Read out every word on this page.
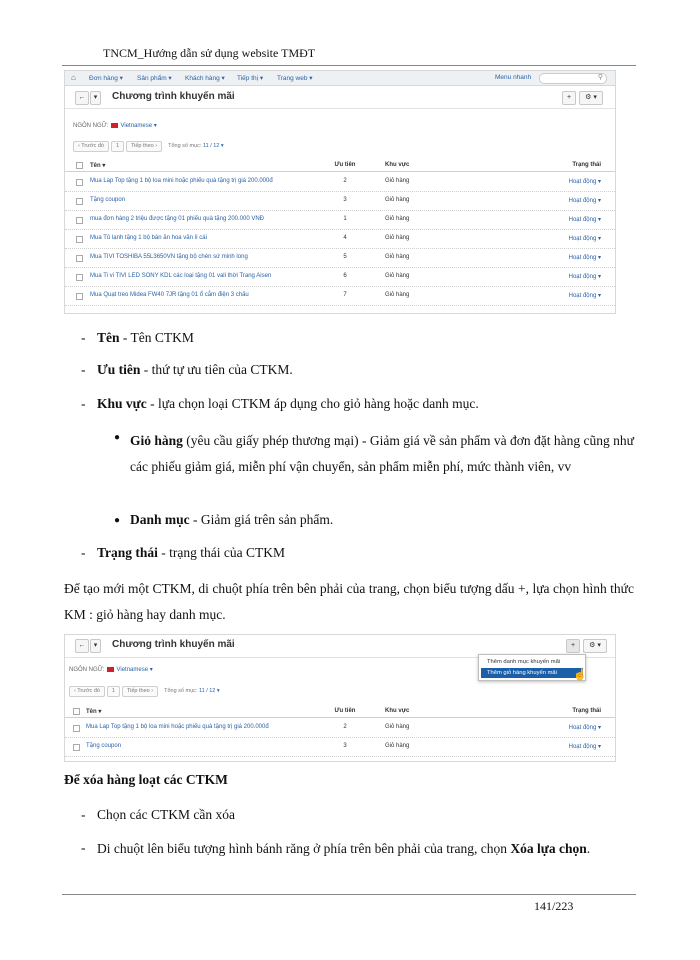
TNCM_Hướng dẫn sử dụng website TMĐT
⌂ Đơn hàng ▾ Sản phẩm ▾ Khách hàng ▾ Tiếp thị ▾ Trang web ▾	Menu nhanh	⚲
←	▾	Chương trình khuyến mãi	+	⚙ ▾
NGÔN NGỮ: Vietnamese ▾
‹ Trước đó 1 Tiếp theo › Tổng số mục: 11 / 12 ▾
Tên ▾	Ưu tiên	Khu vực	Trạng thái
Mua Lap Top tặng 1 bộ loa mini hoặc phiếu quà tặng trị giá 200.000đ	2	Giỏ hàng	Hoạt động ▾
Tặng coupon	3	Giỏ hàng	Hoạt động ▾
mua đơn hàng 2 triệu được tặng 01 phiếu quà tặng 200.000 VNĐ	1	Giỏ hàng	Hoạt động ▾
Mua Tủ lạnh tặng 1 bộ bàn ăn hoa văn lì cái	4	Giỏ hàng	Hoạt động ▾
Mua TIVI TOSHIBA 55L3650VN tặng bộ chén sứ minh long	5	Giỏ hàng	Hoạt động ▾
Mua Ti vi TIVI LED SONY KDL các loại tặng 01 vali thời Trang Aisen	6	Giỏ hàng	Hoạt động ▾
Mua Quạt treo Midea FW40 7JR tặng 01 ổ cắm điện 3 chấu	7	Giỏ hàng	Hoạt động ▾
- Tên - Tên CTKM
- Ưu tiên - thứ tự ưu tiên của CTKM.
- Khu vực - lựa chọn loại CTKM áp dụng cho giỏ hàng hoặc danh mục.
● Giỏ hàng (yêu cầu giấy phép thương mại) - Giảm giá về sản phẩm và đơn đặt hàng cũng như các phiếu giảm giá, miễn phí vận chuyển, sản phẩm miễn phí, mức thành viên, vv
● Danh mục - Giảm giá trên sản phẩm.
- Trạng thái - trạng thái của CTKM
Để tạo mới một CTKM, di chuột phía trên bên phải của trang, chọn biểu tượng dấu +, lựa chọn hình thức KM : giỏ hàng hay danh mục.
←	▾	Chương trình khuyến mãi	+	⚙ ▾
NGÔN NGỮ: Vietnamese ▾
‹ Trước đó 1 Tiếp theo › Tổng số mục: 11 / 12 ▾
Tên ▾	Ưu tiên	Khu vực	Trạng thái
Mua Lap Top tặng 1 bộ loa mini hoặc phiếu quà tặng trị giá 200.000đ	2	Giỏ hàng	Hoạt động ▾
Tặng coupon	3	Giỏ hàng	Hoạt động ▾
Thêm danh mục khuyến mãi
Thêm giỏ hàng khuyến mãi	☝
Để xóa hàng loạt các CTKM
- Chọn các CTKM cần xóa
- Di chuột lên biểu tượng hình bánh răng ở phía trên bên phải của trang, chọn Xóa lựa chọn.
141/223
